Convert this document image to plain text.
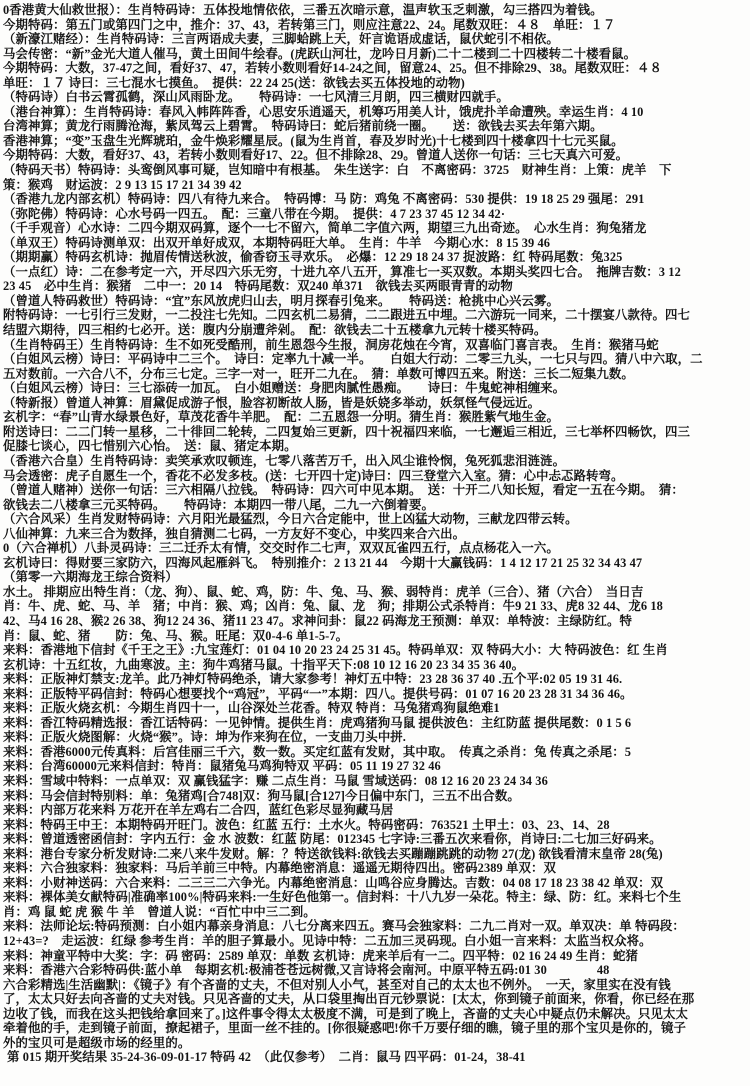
0香港黄大仙救世报）：生肖特码诗：五体投地情依依，三番五次暗示意，温声软玉乏刺激，勾三搭四为着钱。
今期特码：第五门或第四门之中，推介：37、43，若转第三门，则应注意22、24。尾数双旺：４８　单旺：１７
（新濠江赌经）：生肖特码诗：三言两语成夫妻，三脚蛤跳上天，奸言诡语成虚话，鼠伏蛇引不相依。
马会传密：“新”金光大道人催马，黄土田间牛绘春。(虎跃山河壮，龙吟日月新)二十二楼到二十四楼转二十楼看鼠。
今期特码：大数，37-47之间，看好37、47，若转小数则看好14-24之间，留意24、25。但不排除29、38。尾数双旺：４８
单旺：１７ 诗曰：三七混水七摸鱼。　提供：22 24 25(送：欲钱去买五体投地的动物)
（特码诗）白书云霄孤鹤，深山风雨卧龙。　　特码诗：一七风清三月朗，四三横财四就手。
（港台神算）：生肖特码诗：春风入帏阵阵香，心思安乐逍遥天，机筹巧用美人计，饿虎扑羊命遭殃。幸运生肖：4 10
台湾神算；黄龙行雨腾沧海，紫凤驾云上碧霄。　特码诗曰：蛇后猪前绕一圈。　　送：欲钱去买去年第六期。
香港神算；“变”玉盘生光辉琥珀，金牛焕彩耀星辰。(鼠为生肖首，春及岁时光)十七楼到四十楼拿四十七元买鼠。
今期特码：大数，看好37、43，若转小数则看好17、22。但不排除28、29。曾道人送你一句话：三七天真六可爱。
（特码天书）特码诗：头鸾倒风事可疑，岂知暗中有根基。　朱生送字：白　不离密码：3725　财神生肖：上策：虎羊　下
策：猴鸡　财运波：2 9 13 15 17 21 34 39 42
（香港九龙内部玄机）特码诗：四八有待九来合。　特码博：马 防：鸡兔 不离密码：530 提供：19 18 25 29 强尾：291
（弥陀佛）特码诗：心水号码一四五。　配：三童八带在今期。　提供：4 7 23 37 45 12 34 42·
（千手观音）心水诗：二四今期双码算，逐个一七不留六，简单二字值六两，期望三九出奇迹。　心水生肖：狗兔猪龙
（单双王）特码诗测单双：出双开单好成双，本期特码旺大单。　生肖：牛羊　今期心水：8 15 39 46
（期期赢）特码玄机诗：抛眉传情送秋波，偷香窃玉寻欢乐。　必爆：12 29 18 24 37 捉波路：红 特码尾数：兔325
（一点红）诗：二在参考定一六，开尽四六乐无穷，十进九卒八五开，算准七一买双数。本期头奖四七合。　拖牌吉数：3 12
23 45　必中生肖：猴猪　二中一：20 14　特码尾数：双240 单371　欲钱去买两眼青青的动物
（曾道人特码救世）特码诗：“宜”东风放虎归山去，明月探春引兔来。　　特码送：枪挑中心兴云雾。
附特码诗：一七引行三发财，一二投注七先知。二四玄机二易猜，二二跟进五中埋。二六游玩一同来，二十摆宴八款待。四七
结盟六期待，四三相约七必开。送：腹内分崩遭斧剁。　配：欲钱去二十五楼拿九元转十楼买特码。
（生肖特码王）生肖特码诗：生不如死受酷刑，前生恩怨今生报，洞房花烛在今宵，双喜临门喜言表。　生肖：猴猪马蛇
（白姐风云榜）诗曰：平码诗中二三个。　诗曰：定率九十减一半。　　白姐大行动：二零三九头，一七只与四。猜八中六取，二
五对数前。一六合八不，分布三七定。三字一对一，旺开二九在。　猜：单数可博四五来。附送：三长二短集九数。
（白姐风云榜）诗曰：三七添砖一加瓦。　白小姐赠送：身肥肉腻性愚痴。　　诗曰：牛鬼蛇神相缠来。
（特新报）曾道人神算：眉黛促成游子恨，脸容初断故人肠，皆是妖娆多举动，妖氛怪气侵远近。
玄机字：“春”山青水绿景色好，草茂花香牛羊肥。　配：二五恩怨一分明。猜生肖：猴胜紫气地生金。
附送诗曰：二二门转一星移，二十徘回二轮转，二四复始三更新，四十祝福四来临，一七邂逅三相近，三七举杯四畅饮，四三
促膝七谈心，四七惜别六心怡。　送：鼠、猪定本期。
（香港六合皇）生肖特码诗：卖笑承欢叹顿连，七零八落苦万千，出入风尘谁怜悯，兔死狐悲泪涟涟。
马会透密：虎子自愿生一个，香花不必发多枝。(送：七开四十定)诗曰：四三登堂六入室。猜：心中忐忑路转弯。
（曾道人赌神）送你一句话：三六相隔八拉钱。　特码诗：四六可中见本期。　送：十开二八知长短，看定一五在今期。　猜：
欲钱去二八楼拿三元买特码。　　特码诗：本期四一带八尾，二九一六倒着要。
（六合风采）生肖发财特码诗：六月阳光最猛烈，今日六合定能中，世上凶猛大动物，三献龙四带云转。
八仙神算：九来三合为数择，独自猜测二七码，一方友好不变心，中奖四来合六出。
0（六合禅机）八卦灵码诗：三二迁乔太有情，交交时作二七声，双双瓦雀四五行，点点杨花入一六。
玄机诗曰：得财要三家防六，四海风起雁斜飞。　特别推介：2 13 21 44　今期十大赢钱码：1 4 12 17 21 25 32 34 43 47
（第零一六期海龙王综合资料）
水土。 排期应出特生肖：（龙、狗）、鼠、蛇、鸡，防：牛、兔、马、猴、弱特肖：虎羊（三合）、猪（六合）　当日吉
肖：牛、虎、蛇、马、羊　猪；中肖：猴、鸡；凶肖：兔、鼠、龙　狗；排期公式杀特肖：牛9 21 33、虎8 32 44、龙6 18
42、马4 16 28、猴2 26 38、狗12 24 36、猪11 23 47。求神问卦：鼠22 码海龙王预测：单双：单特波：主绿防红。特
肖：鼠、蛇、猪　　防：兔、马、猴。旺尾：双0-4-6 单1-5-7。
来料：香港地下信封《千王之王》:九宝莲灯：01 04 10 20 23 24 25 31 45。特码单双：双 特码大小：大 特码波色：红 生肖
玄机诗：十五红妆，九曲寒波。主：狗牛鸡猪马鼠。十指平天下:08 10 12 16 20 23 34 35 36 40。
来料：正版神灯禁支:龙羊。此乃神灯特码绝杀，请大家参考！神灯五中特：23 28 36 37 40 .五个平:02 05 19 31 46.
来料：正版特平码信封：特码心想要找个“鸡冠”，平码“一”本期：四八。提供号码：01 07 16 20 23 28 31 34 36 46。
来料：正版火烧玄机：今期生肖四十一，山谷深处兰花香。特双 特肖：马兔猪鸡狗鼠绝难1
来料：香江特码精选报：香江话特码：一见钟情。提供生肖：虎鸡猪狗马鼠 提供波色：主红防蓝 提供尾数：0 1 5 6
来料：正版火烧图解：火烧“猴”。诗：坤为作来狗在位，一支曲刀头中拼.
来料：香港6000元传真料：后宫佳丽三千六，数一数。买定红蓝有发财，其中取。　传真之杀肖：兔 传真之杀尾：5
来料：台湾60000元来料信封：特肖：鼠猪兔马鸡狗特双 平码：05 11 19 27 32 46
来料：雪域中特料：一点单双：双 赢钱猛字：赚 二点生肖：马鼠 雪域送码：08 12 16 20 23 24 34 36
来料：马会信封特别料：单：兔猪鸡[合748]双：狗马鼠[合127]今日偏中东门，三五不出合数。
来料：内部万花来料 万花开在羊左鸡右二合四，蓝红色彩尽显狗藏马居
来料：特码王中王：本期特码开旺门。波色：红蓝 五行：土水火。特码密码：763521 土甲土：03、23、14、28
来料：曾道透密函信封：字内五行：金 水 波数：红蓝 防尾：012345 七字诗:三番五次来看你，肖诗曰:二七加三好码来。
来料：港台专家分析发财诗:二来八来牛发财。解：？特送欲钱料:欲钱去买蹦蹦跳跳的动物 27(龙) 欲钱看清末皇帝 28(兔)
来料：六合独家料：独家料：马后羊前三中特。内幕绝密消息：遥遥无期待四出。密码2389 单双：双
来料：小财神送码：六合来料：二三三二六争光。内幕绝密消息：山鸣谷应身腾达。吉数：04 08 17 18 23 38 42 单双：双
来料：裸体美女献特码|准确率100%|特码来料:一生好色他第一。信封料：十八九岁一朵花。特主：绿、防：红。来料七个生
肖：鸡 鼠 蛇 虎 猴 牛 羊　曾道人说：“百忙中中三二到。
来料：法师论坛:特码预测：白小姐内幕亲身消息：八七分离来四五。赛马会独家料：二九二肖对一双。单双决：单 特码段：
12+43=?　走运波：红绿 参考生肖：羊的胆子算最小。见诗中特：二五加三灵码现。白小姐一言来料：太监当权众将。
来料：神童平特中大奖：字：码 密码：2589 单双：单数 玄机诗：虎来羊后有一二。四平特：02 16 24 49 生肖：蛇猪
来料：香港六合彩特码供:蓝小单　每期玄机:极浦苍苍远树微,又言诗将会南河。中原平特五码:01 30　　　　48
六合彩精选|生活幽默|：《镜子》有个吝啬的丈夫，不但对别人小气，甚至对自己的太太也不例外。　一天，家里实在没有钱
了，太太只好去向吝啬的丈夫对钱。只见吝啬的丈夫，从口袋里掏出百元钞票说：[太太，你到镜子前面来，你看，你已经在那
边收了钱，而我在这头把钱给拿回来了。]这件事令得太太极度不满，可是到了晚上，吝啬的丈夫心中疑点仍未解决。只见太太
牵着他的手，走到镜子前面，撩起裙子，里面一丝不挂的。[你很疑惑吧!你千万要仔细的瞧，镜子里的那个宝贝是你的，镜子
外的宝贝可是超级市场的经里的。
第 015 期开奖结果 35-24-36-09-01-17 特码 42　（此仅参考）　二肖：鼠马 四平码：01-24，38-41
